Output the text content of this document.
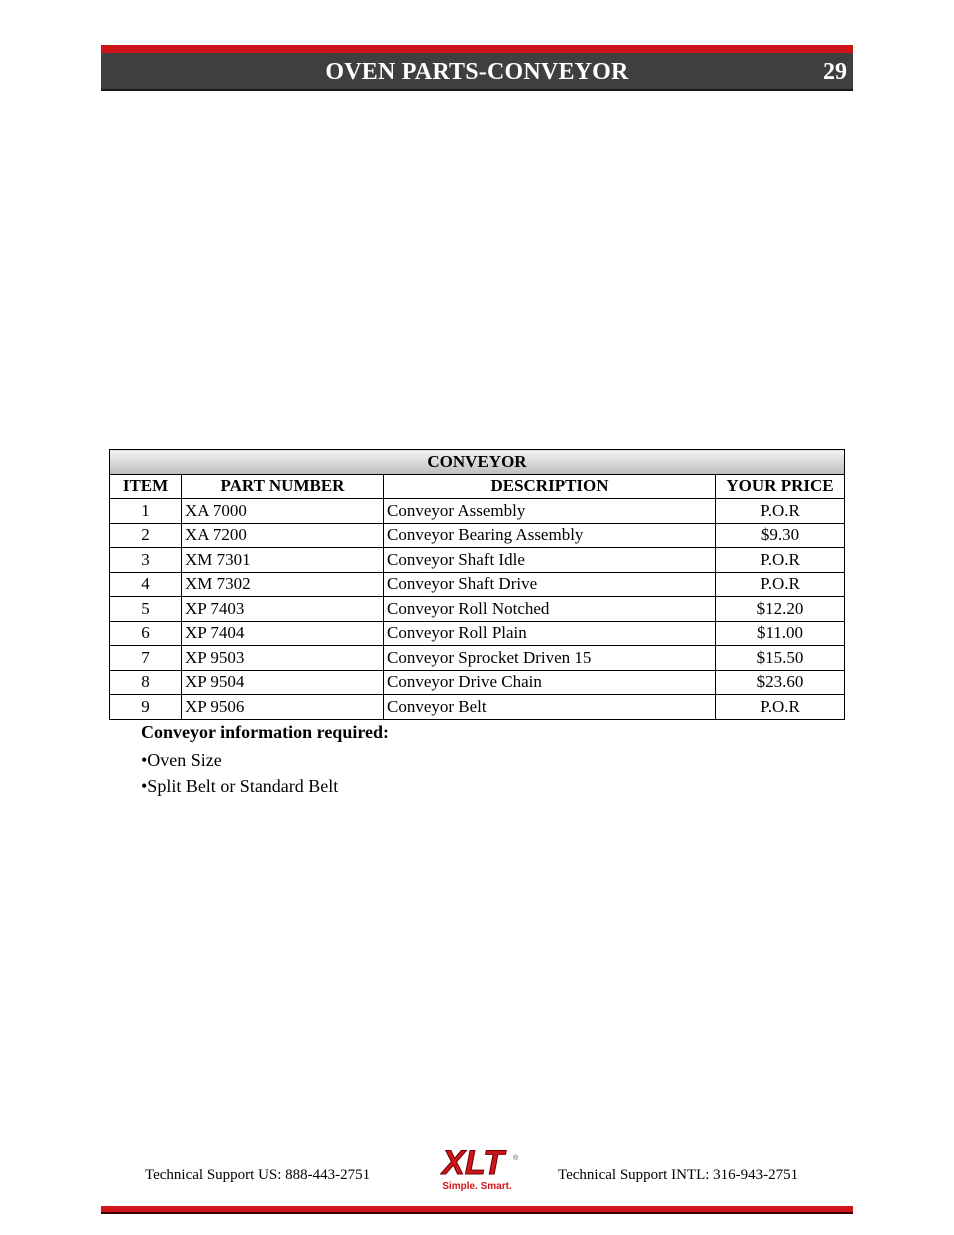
OVEN PARTS-CONVEYOR	29
CONVEYOR			
ITEM	PART NUMBER	DESCRIPTION	YOUR PRICE
1	XA 7000	Conveyor Assembly	P.O.R
2	XA 7200	Conveyor Bearing Assembly	$9.30
3	XM 7301	Conveyor Shaft Idle	P.O.R
4	XM 7302	Conveyor Shaft Drive	P.O.R
5	XP 7403	Conveyor Roll Notched	$12.20
6	XP 7404	Conveyor Roll Plain	$11.00
7	XP 9503	Conveyor Sprocket Driven 15	$15.50
8	XP 9504	Conveyor Drive Chain	$23.60
9	XP 9506	Conveyor Belt	P.O.R
Conveyor information required:
•Oven Size
•Split Belt or Standard Belt
Technical Support US: 888-443-2751 XLT	®
Simple. Smart.
Technical Support INTL: 316-943-2751
